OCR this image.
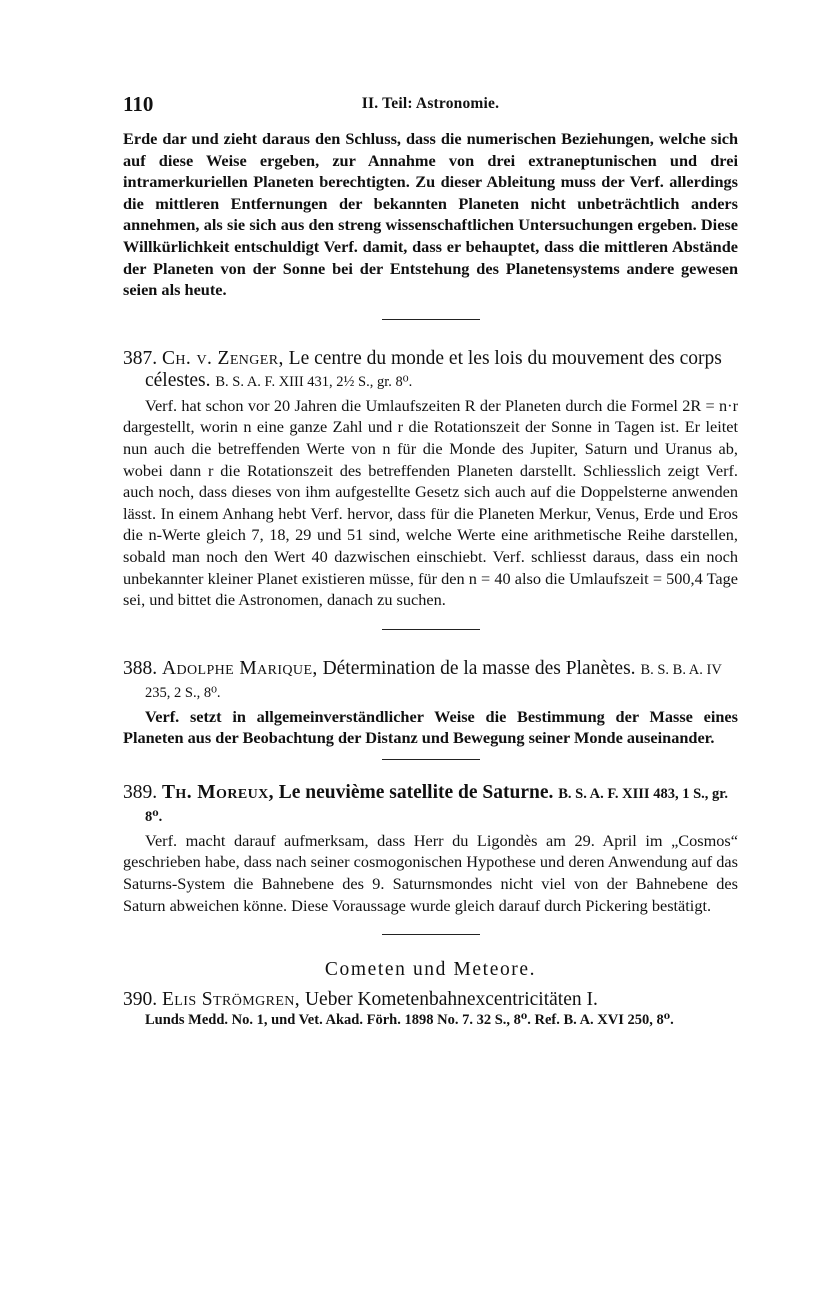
110	II. Teil: Astronomie.

Erde dar und zieht daraus den Schluss, dass die numerischen Beziehungen, welche sich auf diese Weise ergeben, zur Annahme von drei extraneptunischen und drei intramerkuriellen Planeten berechtigten. Zu dieser Ableitung muss der Verf. allerdings die mittleren Entfernungen der bekannten Planeten nicht unbeträchtlich anders annehmen, als sie sich aus den streng wissenschaftlichen Untersuchungen ergeben. Diese Willkürlichkeit entschuldigt Verf. damit, dass er behauptet, dass die mittleren Abstände der Planeten von der Sonne bei der Entstehung des Planetensystems andere gewesen seien als heute.

387. Ch. v. Zenger, Le centre du monde et les lois du mouvement des corps célestes. B. S. A. F. XIII 431, 2½ S., gr. 8⁰.

Verf. hat schon vor 20 Jahren die Umlaufszeiten R der Planeten durch die Formel 2R = n·r dargestellt, worin n eine ganze Zahl und r die Rotationszeit der Sonne in Tagen ist. Er leitet nun auch die betreffenden Werte von n für die Monde des Jupiter, Saturn und Uranus ab, wobei dann r die Rotationszeit des betreffenden Planeten darstellt. Schliesslich zeigt Verf. auch noch, dass dieses von ihm aufgestellte Gesetz sich auch auf die Doppelsterne anwenden lässt. In einem Anhang hebt Verf. hervor, dass für die Planeten Merkur, Venus, Erde und Eros die n-Werte gleich 7, 18, 29 und 51 sind, welche Werte eine arithmetische Reihe darstellen, sobald man noch den Wert 40 dazwischen einschiebt. Verf. schliesst daraus, dass ein noch unbekannter kleiner Planet existieren müsse, für den n = 40 also die Umlaufszeit = 500,4 Tage sei, und bittet die Astronomen, danach zu suchen.

388. Adolphe Marique, Détermination de la masse des Planètes. B. S. B. A. IV 235, 2 S., 8⁰.

Verf. setzt in allgemeinverständlicher Weise die Bestimmung der Masse eines Planeten aus der Beobachtung der Distanz und Bewegung seiner Monde auseinander.

389. Th. Moreux, Le neuvième satellite de Saturne. B. S. A. F. XIII 483, 1 S., gr. 8⁰.

Verf. macht darauf aufmerksam, dass Herr du Ligondès am 29. April im „Cosmos“ geschrieben habe, dass nach seiner cosmogonischen Hypothese und deren Anwendung auf das Saturns-System die Bahnebene des 9. Saturnsmondes nicht viel von der Bahnebene des Saturn abweichen könne. Diese Voraussage wurde gleich darauf durch Pickering bestätigt.

Cometen und Meteore.

390. Elis Strömgren, Ueber Kometenbahnexcentricitäten I.

Lunds Medd. No. 1, und Vet. Akad. Förh. 1898 No. 7. 32 S., 8⁰. Ref. B. A. XVI 250, 8⁰.
